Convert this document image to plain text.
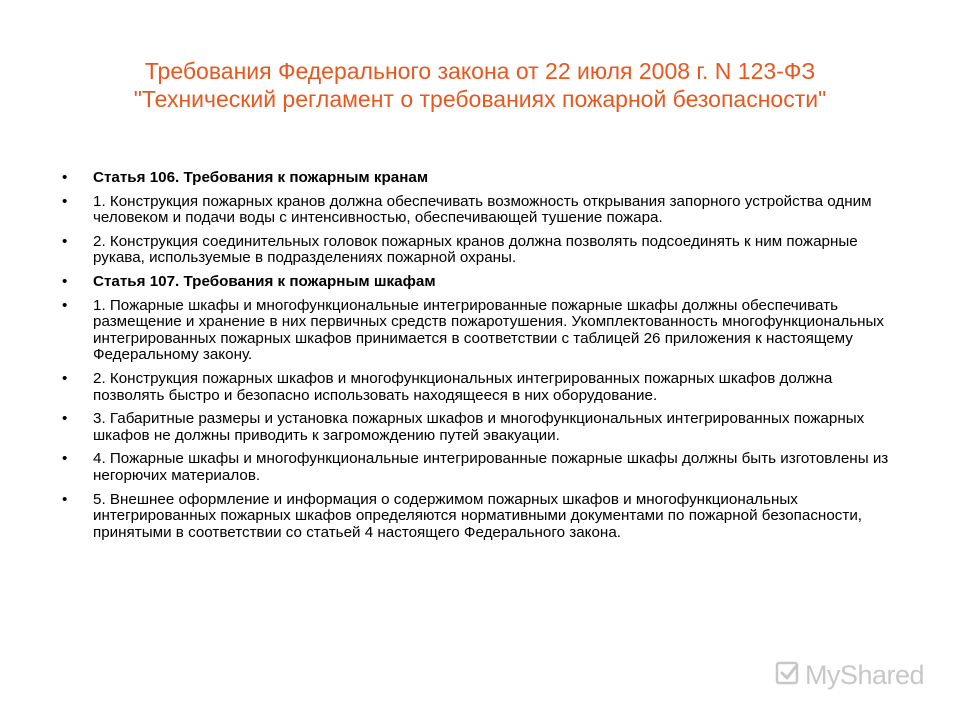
Требования Федерального закона от 22 июля 2008 г. N 123-ФЗ
"Технический регламент о требованиях пожарной безопасности"
• Статья 106. Требования к пожарным кранам
• 1. Конструкция пожарных кранов должна обеспечивать возможность открывания запорного устройства одним человеком и подачи воды с интенсивностью, обеспечивающей тушение пожара.
• 2. Конструкция соединительных головок пожарных кранов должна позволять подсоединять к ним пожарные рукава, используемые в подразделениях пожарной охраны.
• Статья 107. Требования к пожарным шкафам
• 1. Пожарные шкафы и многофункциональные интегрированные пожарные шкафы должны обеспечивать размещение и хранение в них первичных средств пожаротушения. Укомплектованность многофункциональных интегрированных пожарных шкафов принимается в соответствии с таблицей 26 приложения к настоящему Федеральному закону.
• 2. Конструкция пожарных шкафов и многофункциональных интегрированных пожарных шкафов должна позволять быстро и безопасно использовать находящееся в них оборудование.
• 3. Габаритные размеры и установка пожарных шкафов и многофункциональных интегрированных пожарных шкафов не должны приводить к загромождению путей эвакуации.
• 4. Пожарные шкафы и многофункциональные интегрированные пожарные шкафы должны быть изготовлены из негорючих материалов.
• 5. Внешнее оформление и информация о содержимом пожарных шкафов и многофункциональных интегрированных пожарных шкафов определяются нормативными документами по пожарной безопасности, принятыми в соответствии со статьей 4 настоящего Федерального закона.
MyShared
